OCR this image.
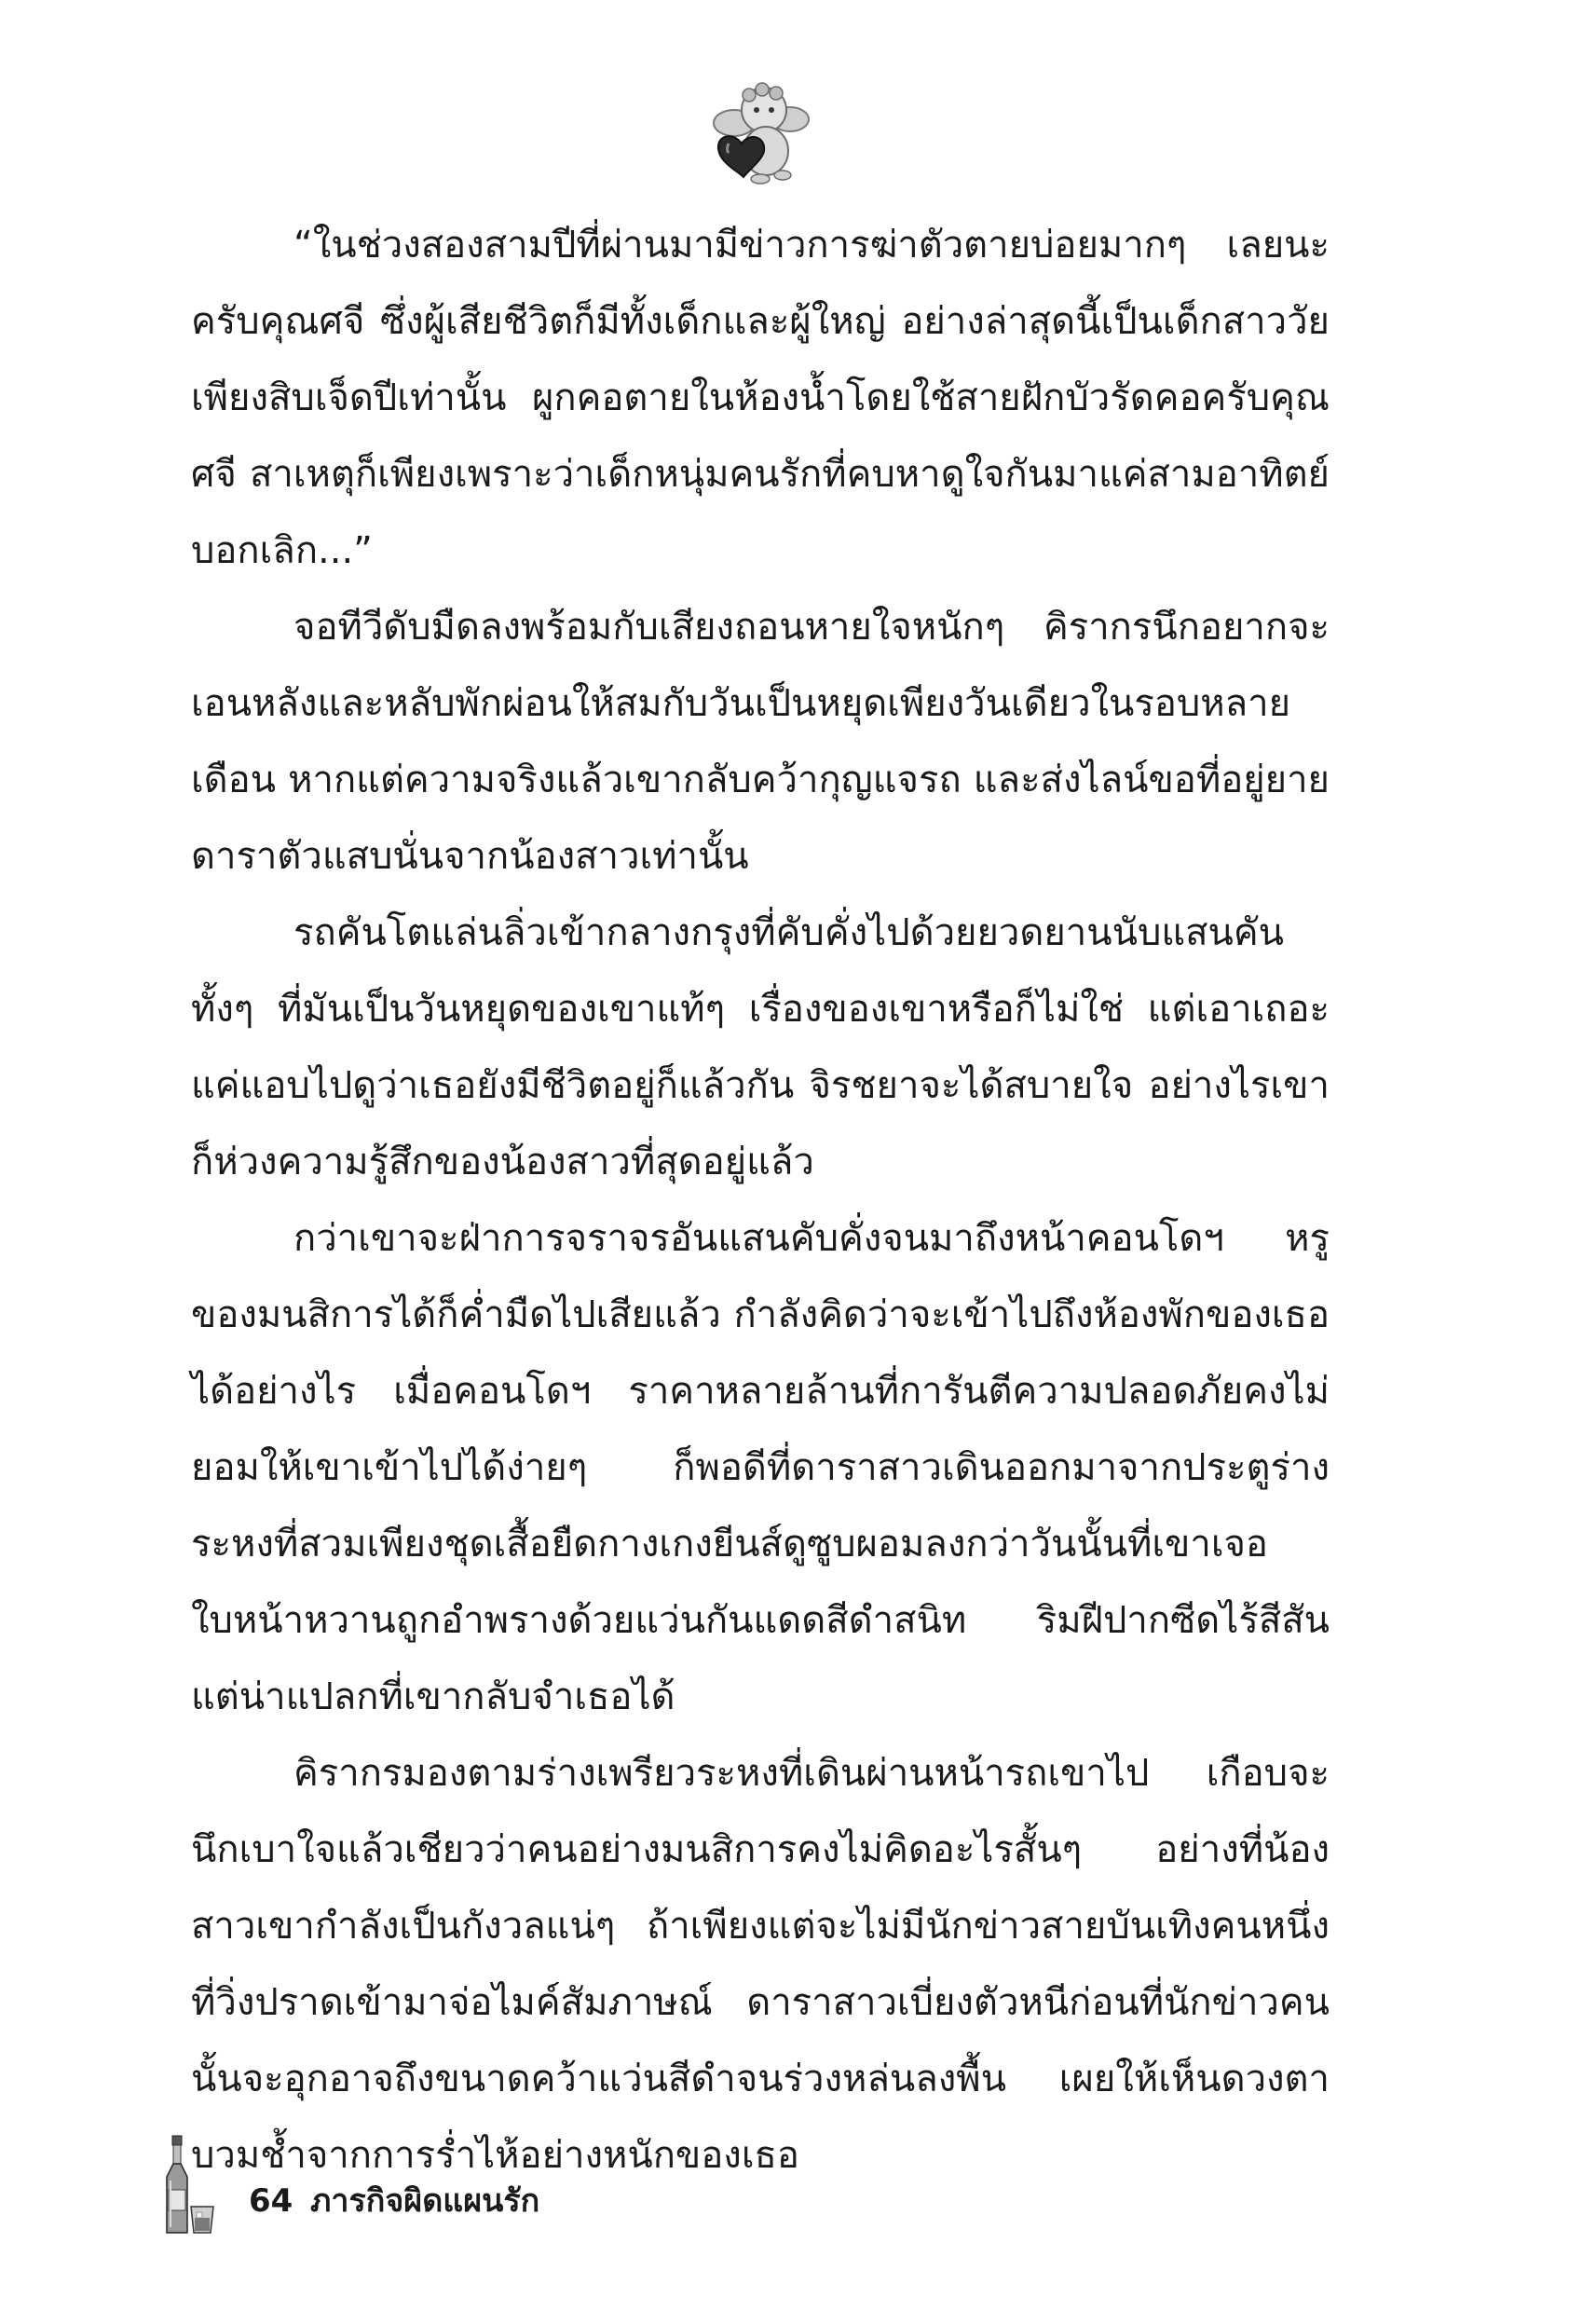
“ในช่วงสองสามปีที่ผ่านมามีข่าวการฆ่าตัวตายบ่อยมากๆ เลยนะครับคุณศจี ซึ่งผู้เสียชีวิตก็มีทั้งเด็กและผู้ใหญ่ อย่างล่าสุดนี้เป็นเด็กสาววัยเพียงสิบเจ็ดปีเท่านั้น ผูกคอตายในห้องน้ำโดยใช้สายฝักบัวรัดคอครับคุณศจี สาเหตุก็เพียงเพราะว่าเด็กหนุ่มคนรักที่คบหาดูใจกันมาแค่สามอาทิตย์บอกเลิก...”

จอทีวีดับมืดลงพร้อมกับเสียงถอนหายใจหนักๆ คิรากรนึกอยากจะเอนหลังและหลับพักผ่อนให้สมกับวันเป็นหยุดเพียงวันเดียวในรอบหลายเดือน หากแต่ความจริงแล้วเขากลับคว้ากุญแจรถ และส่งไลน์ขอที่อยู่ยายดาราตัวแสบนั่นจากน้องสาวเท่านั้น

รถคันโตแล่นลิ่วเข้ากลางกรุงที่คับคั่งไปด้วยยวดยานนับแสนคันทั้งๆ ที่มันเป็นวันหยุดของเขาแท้ๆ เรื่องของเขาหรือก็ไม่ใช่ แต่เอาเถอะแค่แอบไปดูว่าเธอยังมีชีวิตอยู่ก็แล้วกัน จิรชยาจะได้สบายใจ อย่างไรเขาก็ห่วงความรู้สึกของน้องสาวที่สุดอยู่แล้ว

กว่าเขาจะฝ่าการจราจรอันแสนคับคั่งจนมาถึงหน้าคอนโดฯ หรูของมนสิการได้ก็ค่ำมืดไปเสียแล้ว กำลังคิดว่าจะเข้าไปถึงห้องพักของเธอได้อย่างไร เมื่อคอนโดฯ ราคาหลายล้านที่การันตีความปลอดภัยคงไม่ยอมให้เขาเข้าไปได้ง่ายๆ ก็พอดีที่ดาราสาวเดินออกมาจากประตูร่างระหงที่สวมเพียงชุดเสื้อยืดกางเกงยีนส์ดูซูบผอมลงกว่าวันนั้นที่เขาเจอ ใบหน้าหวานถูกอำพรางด้วยแว่นกันแดดสีดำสนิท ริมฝีปากซีดไร้สีสัน แต่น่าแปลกที่เขากลับจำเธอได้

คิรากรมองตามร่างเพรียวระหงที่เดินผ่านหน้ารถเขาไป เกือบจะนึกเบาใจแล้วเชียวว่าคนอย่างมนสิการคงไม่คิดอะไรสั้นๆ อย่างที่น้องสาวเขากำลังเป็นกังวลแน่ๆ ถ้าเพียงแต่จะไม่มีนักข่าวสายบันเทิงคนหนึ่งที่วิ่งปราดเข้ามาจ่อไมค์สัมภาษณ์ ดาราสาวเบี่ยงตัวหนีก่อนที่นักข่าวคนนั้นจะอุกอาจถึงขนาดคว้าแว่นสีดำจนร่วงหล่นลงพื้น เผยให้เห็นดวงตาบวมช้ำจากการร่ำไห้อย่างหนักของเธอ

64 ภารกิจผิดแผนรัก
